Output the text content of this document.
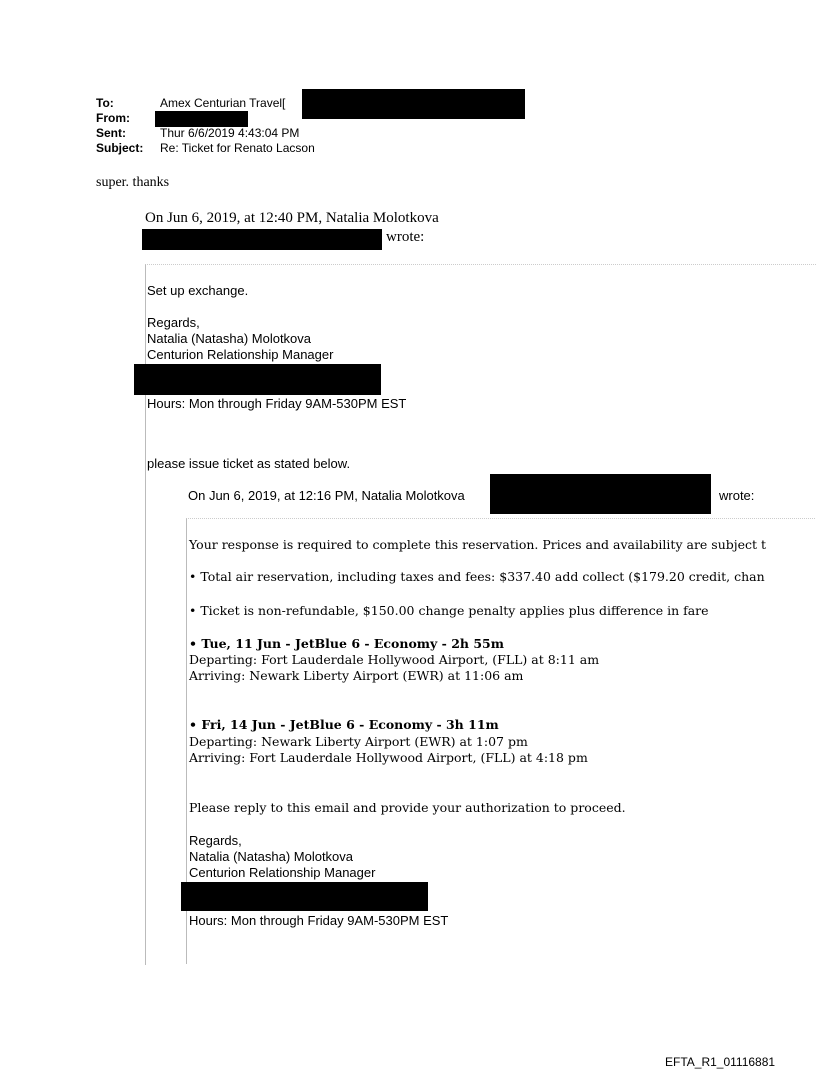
To:	Amex Centurian Travel[
From:
Sent:	Thur 6/6/2019 4:43:04 PM
Subject: Re: Ticket for Renato Lacson
super. thanks
On Jun 6, 2019, at 12:40 PM, Natalia Molotkova
wrote:
Set up exchange.
Regards,
Natalia (Natasha) Molotkova
Centurion Relationship Manager
Hours: Mon through Friday 9AM-530PM EST
please issue ticket as stated below.
On Jun 6, 2019, at 12:16 PM, Natalia Molotkova	wrote:
Your response is required to complete this reservation. Prices and availability are subject t
• Total air reservation, including taxes and fees: $337.40 add collect ($179.20 credit, chan
• Ticket is non-refundable, $150.00 change penalty applies plus difference in fare
• Tue, 11 Jun - JetBlue 6 - Economy - 2h 55m
Departing: Fort Lauderdale Hollywood Airport, (FLL) at 8:11 am
Arriving: Newark Liberty Airport (EWR) at 11:06 am
• Fri, 14 Jun - JetBlue 6 - Economy - 3h 11m
Departing: Newark Liberty Airport (EWR) at 1:07 pm
Arriving: Fort Lauderdale Hollywood Airport, (FLL) at 4:18 pm
Please reply to this email and provide your authorization to proceed.
Regards,
Natalia (Natasha) Molotkova
Centurion Relationship Manager
Hours: Mon through Friday 9AM-530PM EST
EFTA_R1_01116881
